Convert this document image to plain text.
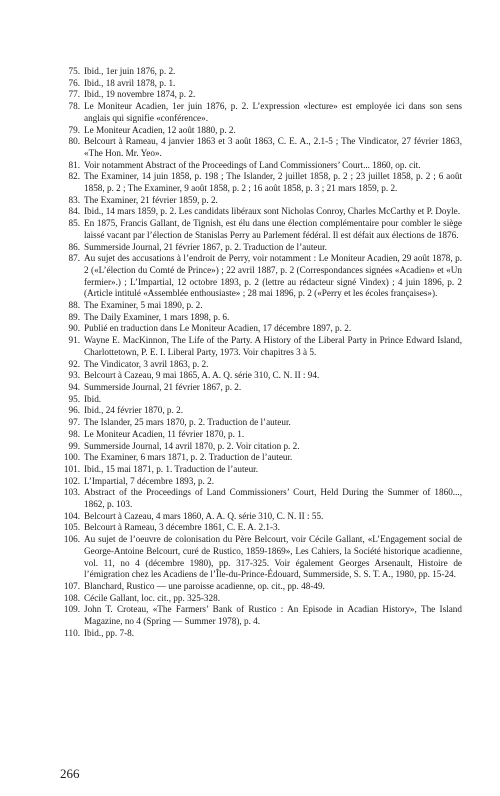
75. Ibid., 1er juin 1876, p. 2.
76. Ibid., 18 avril 1878, p. 1.
77. Ibid., 19 novembre 1874, p. 2.
78. Le Moniteur Acadien, 1er juin 1876, p. 2. L’expression «lecture» est employée ici dans son sens anglais qui signifie «conférence».
79. Le Moniteur Acadien, 12 août 1880, p. 2.
80. Belcourt à Rameau, 4 janvier 1863 et 3 août 1863, C. E. A., 2.1-5 ; The Vindicator, 27 février 1863, «The Hon. Mr. Yeo».
81. Voir notamment Abstract of the Proceedings of Land Commissioners’ Court... 1860, op. cit.
82. The Examiner, 14 juin 1858, p. 198 ; The Islander, 2 juillet 1858, p. 2 ; 23 juillet 1858, p. 2 ; 6 août 1858, p. 2 ; The Examiner, 9 août 1858, p. 2 ; 16 août 1858, p. 3 ; 21 mars 1859, p. 2.
83. The Examiner, 21 février 1859, p. 2.
84. Ibid., 14 mars 1859, p. 2. Les candidats libéraux sont Nicholas Conroy, Charles McCarthy et P. Doyle.
85. En 1875, Francis Gallant, de Tignish, est élu dans une élection complémentaire pour combler le siège laissé vacant par l’élection de Stanislas Perry au Parlement fédéral. Il est défait aux élections de 1876.
86. Summerside Journal, 21 février 1867, p. 2. Traduction de l’auteur.
87. Au sujet des accusations à l’endroit de Perry, voir notamment : Le Moniteur Acadien, 29 août 1878, p. 2 («L’élection du Comté de Prince») ; 22 avril 1887, p. 2 (Correspondances signées «Acadien» et «Un fermier».) ; L’Impartial, 12 octobre 1893, p. 2 (lettre au rédacteur signé Vindex) ; 4 juin 1896, p. 2 (Article intitulé «Assemblée enthousiaste» ; 28 mai 1896, p. 2 («Perry et les écoles françaises»).
88. The Examiner, 5 mai 1890, p. 2.
89. The Daily Examiner, 1 mars 1898, p. 6.
90. Publié en traduction dans Le Moniteur Acadien, 17 décembre 1897, p. 2.
91. Wayne E. MacKinnon, The Life of the Party. A History of the Liberal Party in Prince Edward Island, Charlottetown, P. E. I. Liberal Party, 1973. Voir chapitres 3 à 5.
92. The Vindicator, 3 avril 1863, p. 2.
93. Belcourt à Cazeau, 9 mai 1865, A. A. Q. série 310, C. N. II : 94.
94. Summerside Journal, 21 février 1867, p. 2.
95. Ibid.
96. Ibid., 24 février 1870, p. 2.
97. The Islander, 25 mars 1870, p. 2. Traduction de l’auteur.
98. Le Moniteur Acadien, 11 février 1870, p. 1.
99. Summerside Journal, 14 avril 1870, p. 2. Voir citation p. 2.
100. The Examiner, 6 mars 1871, p. 2. Traduction de l’auteur.
101. Ibid., 15 mai 1871, p. 1. Traduction de l’auteur.
102. L’Impartial, 7 décembre 1893, p. 2.
103. Abstract of the Proceedings of Land Commissioners’ Court, Held During the Summer of 1860..., 1862, p. 103.
104. Belcourt à Cazeau, 4 mars 1860, A. A. Q. série 310, C. N. II : 55.
105. Belcourt à Rameau, 3 décembre 1861, C. E. A. 2.1-3.
106. Au sujet de l’oeuvre de colonisation du Père Belcourt, voir Cécile Gallant, «L’Engagement social de George-Antoine Belcourt, curé de Rustico, 1859-1869», Les Cahiers, la Société historique acadienne, vol. 11, no 4 (décembre 1980), pp. 317-325. Voir également Georges Arsenault, Histoire de l’émigration chez les Acadiens de l’Île-du-Prince-Édouard, Summerside, S. S. T. A., 1980, pp. 15-24.
107. Blanchard, Rustico — une paroisse acadienne, op. cit., pp. 48-49.
108. Cécile Gallant, loc. cit., pp. 325-328.
109. John T. Croteau, «The Farmers’ Bank of Rustico : An Episode in Acadian History», The Island Magazine, no 4 (Spring — Summer 1978), p. 4.
110. Ibid., pp. 7-8.
266
